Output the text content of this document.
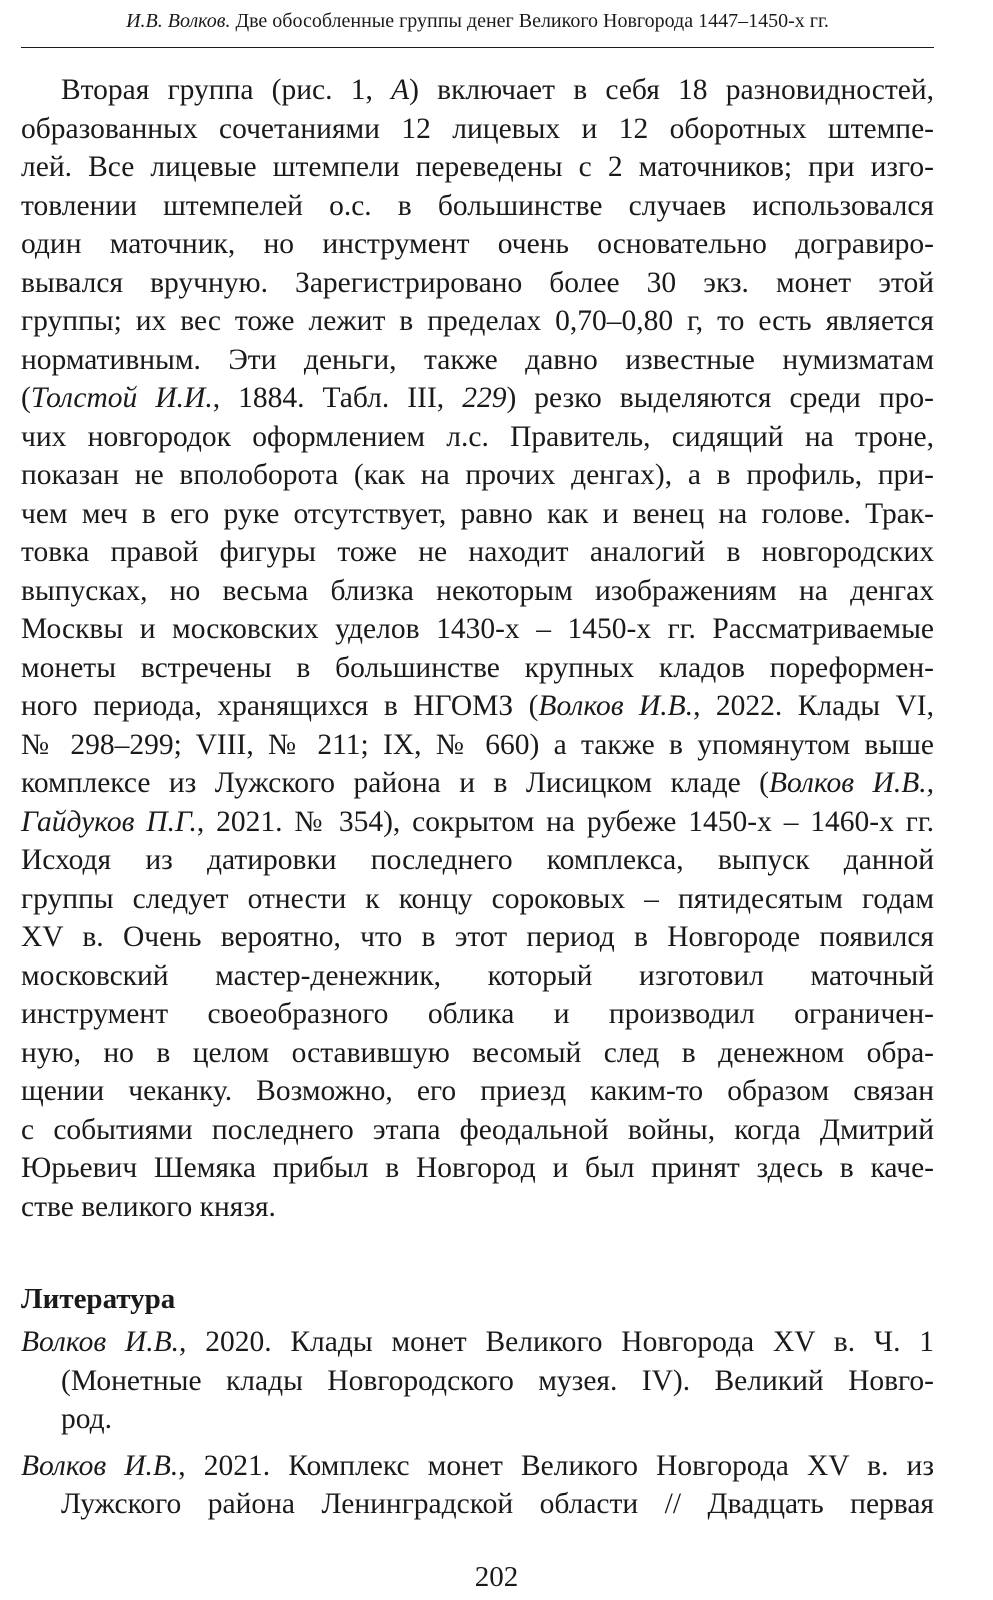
И.В. Волков. Две обособленные группы денег Великого Новгорода 1447–1450-х гг.
Вторая группа (рис. 1, А) включает в себя 18 разновидностей,
образованных сочетаниями 12 лицевых и 12 оборотных штемпе-
лей. Все лицевые штемпели переведены с 2 маточников; при изго-
товлении штемпелей о.с. в большинстве случаев использовался
один маточник, но инструмент очень основательно догравиро-
вывался вручную. Зарегистрировано более 30 экз. монет этой
группы; их вес тоже лежит в пределах 0,70–0,80 г, то есть является
нормативным. Эти деньги, также давно известные нумизматам
(Толстой И.И., 1884. Табл. III, 229) резко выделяются среди про-
чих новгородок оформлением л.с. Правитель, сидящий на троне,
показан не вполоборота (как на прочих денгах), а в профиль, при-
чем меч в его руке отсутствует, равно как и венец на голове. Трак-
товка правой фигуры тоже не находит аналогий в новгородских
выпусках, но весьма близка некоторым изображениям на денгах
Москвы и московских уделов 1430-х – 1450-х гг. Рассматриваемые
монеты встречены в большинстве крупных кладов пореформен-
ного периода, хранящихся в НГОМЗ (Волков И.В., 2022. Клады VI,
№ 298–299; VIII, № 211; IX, № 660) а также в упомянутом выше
комплексе из Лужского района и в Лисицком кладе (Волков И.В.,
Гайдуков П.Г., 2021. № 354), сокрытом на рубеже 1450-х – 1460-х гг.
Исходя из датировки последнего комплекса, выпуск данной
группы следует отнести к концу сороковых – пятидесятым годам
XV в. Очень вероятно, что в этот период в Новгороде появился
московский мастер-денежник, который изготовил маточный
инструмент своеобразного облика и производил ограничен-
ную, но в целом оставившую весомый след в денежном обра-
щении чеканку. Возможно, его приезд каким-то образом связан
с событиями последнего этапа феодальной войны, когда Дмитрий
Юрьевич Шемяка прибыл в Новгород и был принят здесь в каче-
стве великого князя.
Литература
Волков И.В., 2020. Клады монет Великого Новгорода XV в. Ч. 1
(Монетные клады Новгородского музея. IV). Великий Новго-
род.
Волков И.В., 2021. Комплекс монет Великого Новгорода XV в. из
Лужского района Ленинградской области // Двадцать первая
202
